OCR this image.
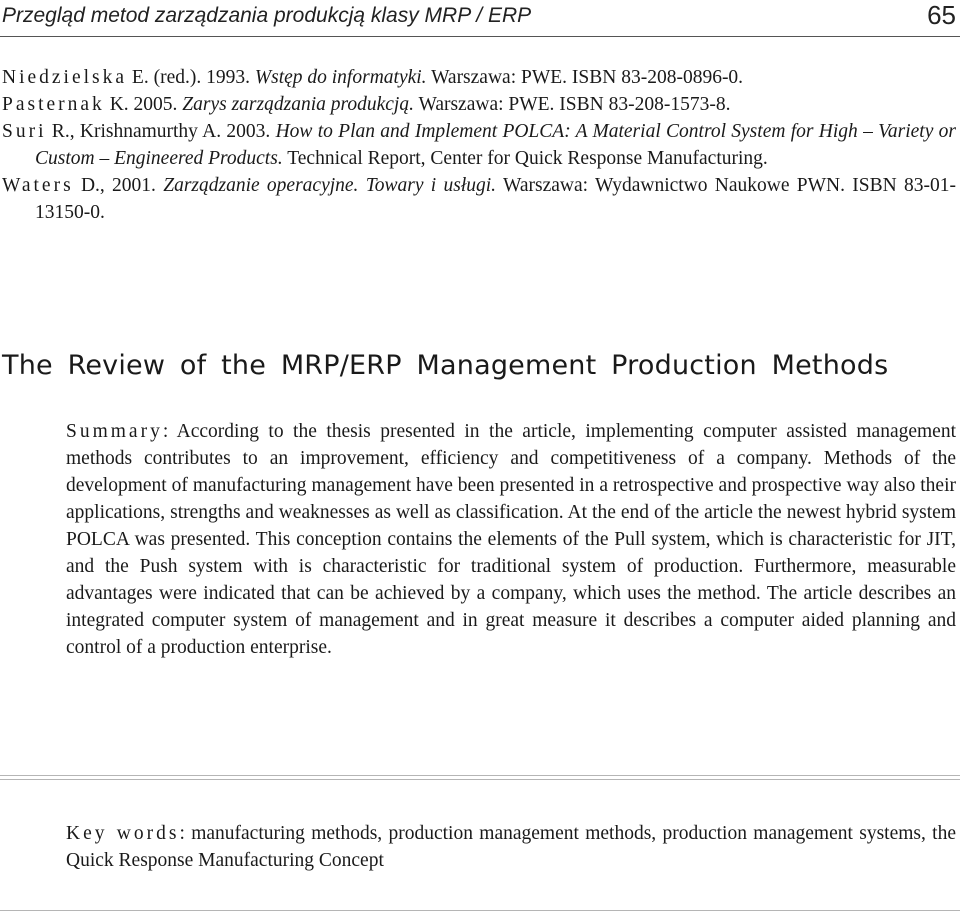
Przegląd metod zarządzania produkcją klasy MRP / ERP	65
Niedzielska E. (red.). 1993. Wstęp do informatyki. Warszawa: PWE. ISBN 83-208-0896-0.
Pasternak K. 2005. Zarys zarządzania produkcją. Warszawa: PWE. ISBN 83-208-1573-8.
Suri R., Krishnamurthy A. 2003. How to Plan and Implement POLCA: A Material Control System for High – Variety or Custom – Engineered Products. Technical Report, Center for Quick Response Manufacturing.
Waters D., 2001. Zarządzanie operacyjne. Towary i usługi. Warszawa: Wydawnictwo Naukowe PWN. ISBN 83-01-13150-0.
The Review of the MRP/ERP Management Production Methods
Summary: According to the thesis presented in the article, implementing computer assisted management methods contributes to an improvement, efficiency and competitiveness of a company. Methods of the development of manufacturing management have been presented in a retrospective and prospective way also their applications, strengths and weaknesses as well as classification. At the end of the article the newest hybrid system POLCA was presented. This conception contains the elements of the Pull system, which is characteristic for JIT, and the Push system with is characteristic for traditional system of production. Furthermore, measurable advantages were indicated that can be achieved by a company, which uses the method. The article describes an integrated computer system of management and in great measure it describes a computer aided planning and control of a production enterprise.
Key words: manufacturing methods, production management methods, production management systems, the Quick Response Manufacturing Concept
